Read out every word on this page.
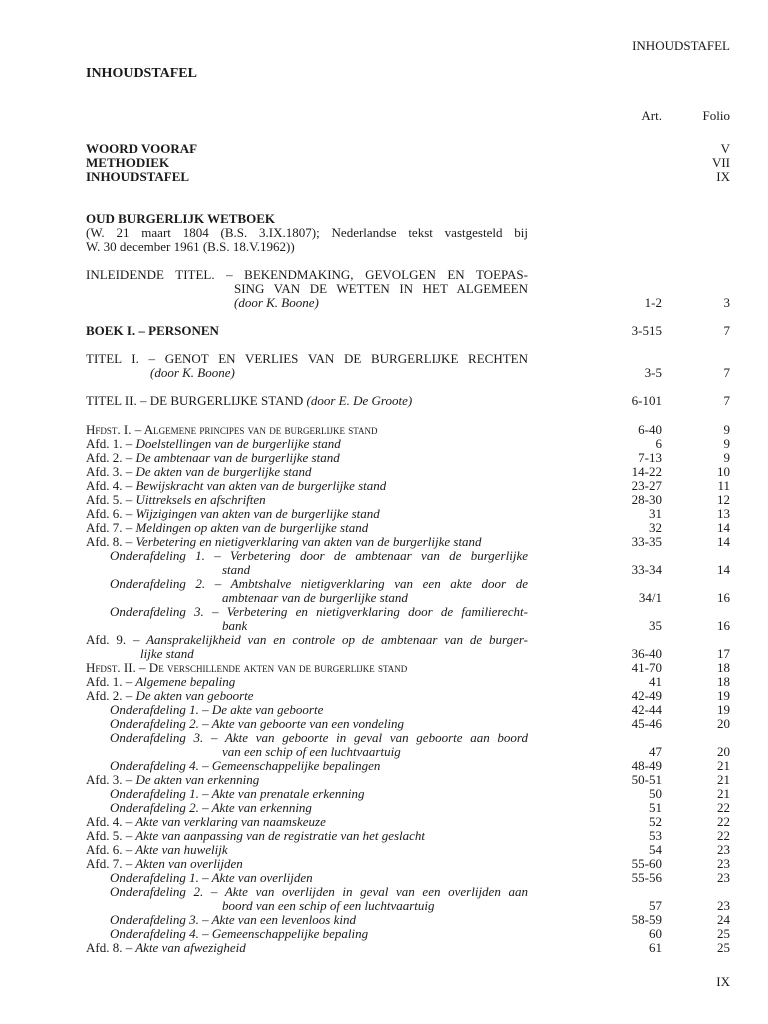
INHOUDSTAFEL
INHOUDSTAFEL
Art.	Folio
WOORD VOORAF	V
METHODIEK	VII
INHOUDSTAFEL	IX
OUD BURGERLIJK WETBOEK
(W. 21 maart 1804 (B.S. 3.IX.1807); Nederlandse tekst vastgesteld bij
W. 30 december 1961 (B.S. 18.V.1962))
INLEIDENDE TITEL. – BEKENDMAKING, GEVOLGEN EN TOEPAS-
SING VAN DE WETTEN IN HET ALGEMEEN
(door K. Boone)	1-2	3
BOEK I. – PERSONEN	3-515	7
TITEL I. – GENOT EN VERLIES VAN DE BURGERLIJKE RECHTEN
(door K. Boone)	3-5	7
TITEL II. – DE BURGERLIJKE STAND (door E. De Groote)	6-101	7
Hfdst. I. – Algemene principes van de burgerlijke stand	6-40	9
Afd. 1. – Doelstellingen van de burgerlijke stand	6	9
Afd. 2. – De ambtenaar van de burgerlijke stand	7-13	9
Afd. 3. – De akten van de burgerlijke stand	14-22	10
Afd. 4. – Bewijskracht van akten van de burgerlijke stand	23-27	11
Afd. 5. – Uittreksels en afschriften	28-30	12
Afd. 6. – Wijzigingen van akten van de burgerlijke stand	31	13
Afd. 7. – Meldingen op akten van de burgerlijke stand	32	14
Afd. 8. – Verbetering en nietigverklaring van akten van de burgerlijke stand	33-35	14
Onderafdeling 1. – Verbetering door de ambtenaar van de burgerlijke
stand	33-34	14
Onderafdeling 2. – Ambtshalve nietigverklaring van een akte door de
ambtenaar van de burgerlijke stand	34/1	16
Onderafdeling 3. – Verbetering en nietigverklaring door de familierecht-
bank	35	16
Afd. 9. – Aansprakelijkheid van en controle op de ambtenaar van de burger-
lijke stand	36-40	17
Hfdst. II. – De verschillende akten van de burgerlijke stand	41-70	18
Afd. 1. – Algemene bepaling	41	18
Afd. 2. – De akten van geboorte	42-49	19
Onderafdeling 1. – De akte van geboorte	42-44	19
Onderafdeling 2. – Akte van geboorte van een vondeling	45-46	20
Onderafdeling 3. – Akte van geboorte in geval van geboorte aan boord
van een schip of een luchtvaartuig	47	20
Onderafdeling 4. – Gemeenschappelijke bepalingen	48-49	21
Afd. 3. – De akten van erkenning	50-51	21
Onderafdeling 1. – Akte van prenatale erkenning	50	21
Onderafdeling 2. – Akte van erkenning	51	22
Afd. 4. – Akte van verklaring van naamskeuze	52	22
Afd. 5. – Akte van aanpassing van de registratie van het geslacht	53	22
Afd. 6. – Akte van huwelijk	54	23
Afd. 7. – Akten van overlijden	55-60	23
Onderafdeling 1. – Akte van overlijden	55-56	23
Onderafdeling 2. – Akte van overlijden in geval van een overlijden aan
boord van een schip of een luchtvaartuig	57	23
Onderafdeling 3. – Akte van een levenloos kind	58-59	24
Onderafdeling 4. – Gemeenschappelijke bepaling	60	25
Afd. 8. – Akte van afwezigheid	61	25
IX
